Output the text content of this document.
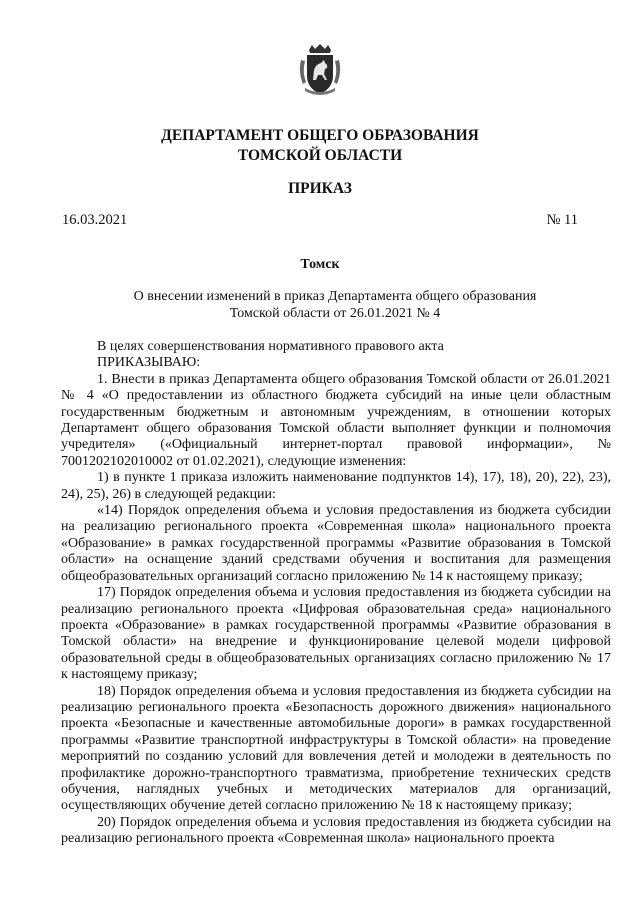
ДЕПАРТАМЕНТ ОБЩЕГО ОБРАЗОВАНИЯ
ТОМСКОЙ ОБЛАСТИ
ПРИКАЗ
16.03.2021	№ 11
Томск
О внесении изменений в приказ Департамента общего образования
Томской области от 26.01.2021 № 4

В целях совершенствования нормативного правового акта

ПРИКАЗЫВАЮ:

1. Внести в приказ Департамента общего образования Томской области от 26.01.2021 № 4 «О предоставлении из областного бюджета субсидий на иные цели областным государственным бюджетным и автономным учреждениям, в отношении которых Департамент общего образования Томской области выполняет функции и полномочия учредителя» («Официальный интернет-портал правовой информации», № 7001202102010002 от 01.02.2021), следующие изменения:

1) в пункте 1 приказа изложить наименование подпунктов 14), 17), 18), 20), 22), 23), 24), 25), 26) в следующей редакции:

«14) Порядок определения объема и условия предоставления из бюджета субсидии на реализацию регионального проекта «Современная школа» национального проекта «Образование» в рамках государственной программы «Развитие образования в Томской области» на оснащение зданий средствами обучения и воспитания для размещения общеобразовательных организаций согласно приложению № 14 к настоящему приказу;

17) Порядок определения объема и условия предоставления из бюджета субсидии на реализацию регионального проекта «Цифровая образовательная среда» национального проекта «Образование» в рамках государственной программы «Развитие образования в Томской области» на внедрение и функционирование целевой модели цифровой образовательной среды в общеобразовательных организациях согласно приложению № 17 к настоящему приказу;

18) Порядок определения объема и условия предоставления из бюджета субсидии на реализацию регионального проекта «Безопасность дорожного движения» национального проекта «Безопасные и качественные автомобильные дороги» в рамках государственной программы «Развитие транспортной инфраструктуры в Томской области» на проведение мероприятий по созданию условий для вовлечения детей и молодежи в деятельность по профилактике дорожно-транспортного травматизма, приобретение технических средств обучения, наглядных учебных и методических материалов для организаций, осуществляющих обучение детей согласно приложению № 18 к настоящему приказу;

20) Порядок определения объема и условия предоставления из бюджета субсидии на реализацию регионального проекта «Современная школа» национального проекта
